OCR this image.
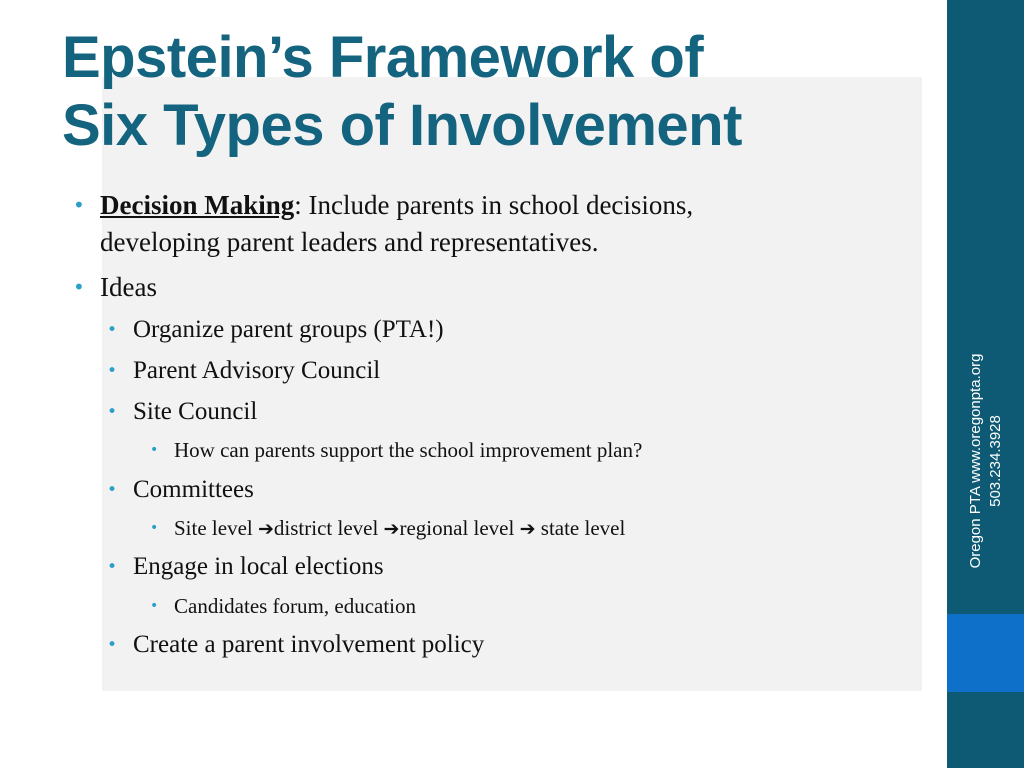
Epstein’s Framework of
Six Types of Involvement
• Decision Making: Include parents in school decisions,
developing parent leaders and representatives.
• Ideas
• Organize parent groups (PTA!)
• Parent Advisory Council
• Site Council
• How can parents support the school improvement plan?
• Committees
• Site level ➔district level ➔regional level ➔ state level
• Engage in local elections
• Candidates forum, education
• Create a parent involvement policy
Oregon PTA www.oregonpta.org 503.234.3928
